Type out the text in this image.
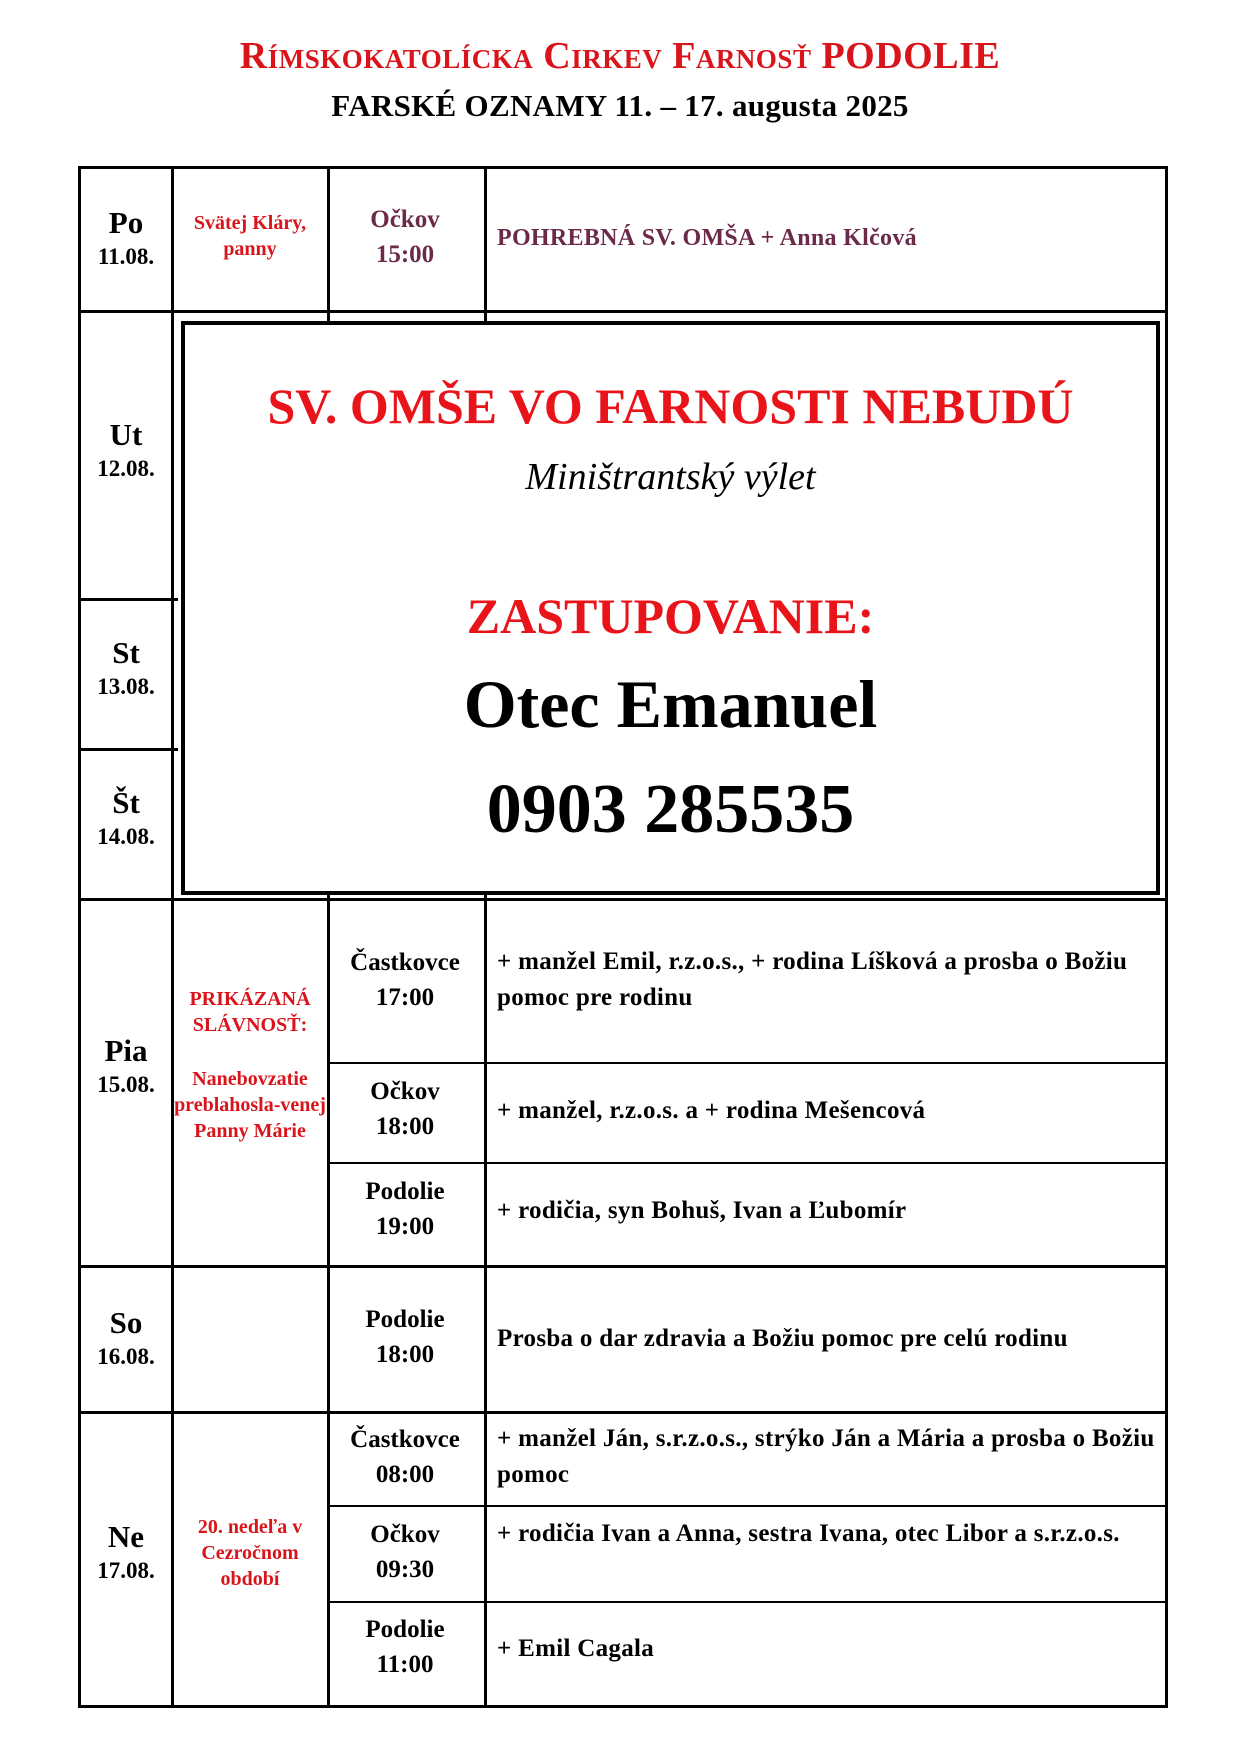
Rímskokatolícka Cirkev Farnosť PODOLIE
FARSKÉ OZNAMY 11. – 17. augusta 2025
Po
11.08.
Ut
12.08.
St
13.08.
Št
14.08.
Pia
15.08.
So
16.08.
Ne
17.08.
Svätej Kláry, panny
PRIKÁZANÁ SLÁVNOSŤ:
Nanebovzatie preblahosla-venej Panny Márie
20. nedeľa v Cezročnom období
Očkov
15:00
POHREBNÁ SV. OMŠA + Anna Klčová
Častkovce
17:00
+ manžel Emil, r.z.o.s., + rodina Líšková a prosba o Božiu pomoc pre rodinu
Očkov
18:00
+ manžel, r.z.o.s. a + rodina Mešencová
Podolie
19:00
+ rodičia, syn Bohuš, Ivan a Ľubomír
Podolie
18:00
Prosba o dar zdravia a Božiu pomoc pre celú rodinu
Častkovce
08:00
+ manžel Ján, s.r.z.o.s., strýko Ján a Mária a prosba o Božiu pomoc
Očkov
09:30
+ rodičia Ivan a Anna, sestra Ivana, otec Libor a s.r.z.o.s.
Podolie
11:00
+ Emil Cagala
SV. OMŠE VO FARNOSTI NEBUDÚ
Miništrantský výlet
ZASTUPOVANIE:
Otec Emanuel
0903 285535
